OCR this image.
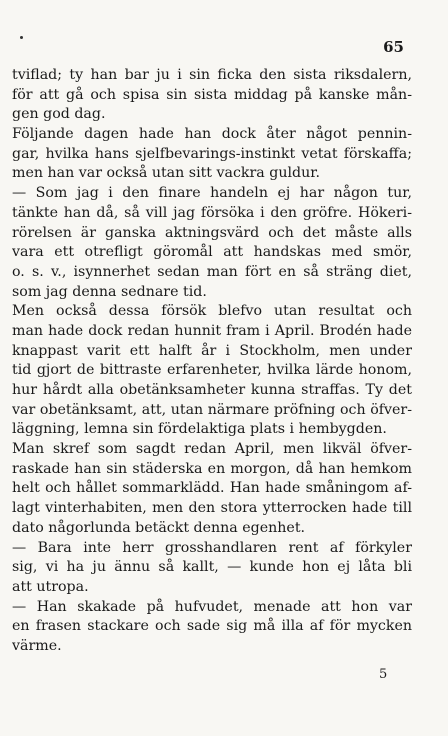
65
tviflad; ty han bar ju i sin ficka den sista riksdalern,
för att gå och spisa sin sista middag på kanske mån-
gen god dag.
Följande dagen hade han dock åter något pennin-
gar, hvilka hans sjelfbevarings-instinkt vetat förskaffa;
men han var också utan sitt vackra guldur.
— Som jag i den finare handeln ej har någon tur,
tänkte han då, så vill jag försöka i den gröfre. Hökeri-
rörelsen är ganska aktningsvärd och det måste alls
vara ett otrefligt göromål att handskas med smör,
o. s. v., isynnerhet sedan man fört en så sträng diet,
som jag denna sednare tid.
Men också dessa försök blefvo utan resultat och
man hade dock redan hunnit fram i April. Brodén hade
knappast varit ett halft år i Stockholm, men under
tid gjort de bittraste erfarenheter, hvilka lärde honom,
hur hårdt alla obetänksamheter kunna straffas. Ty det
var obetänksamt, att, utan närmare pröfning och öfver-
läggning, lemna sin fördelaktiga plats i hembygden.
Man skref som sagdt redan April, men likväl öfver-
raskade han sin städerska en morgon, då han hemkom
helt och hållet sommarklädd. Han hade småningom af-
lagt vinterhabiten, men den stora ytterrocken hade till
dato någorlunda betäckt denna egenhet.
— Bara inte herr grosshandlaren rent af förkyler
sig, vi ha ju ännu så kallt, — kunde hon ej låta bli
att utropa.
— Han skakade på hufvudet, menade att hon var
en frasen stackare och sade sig må illa af för mycken
värme.
5
